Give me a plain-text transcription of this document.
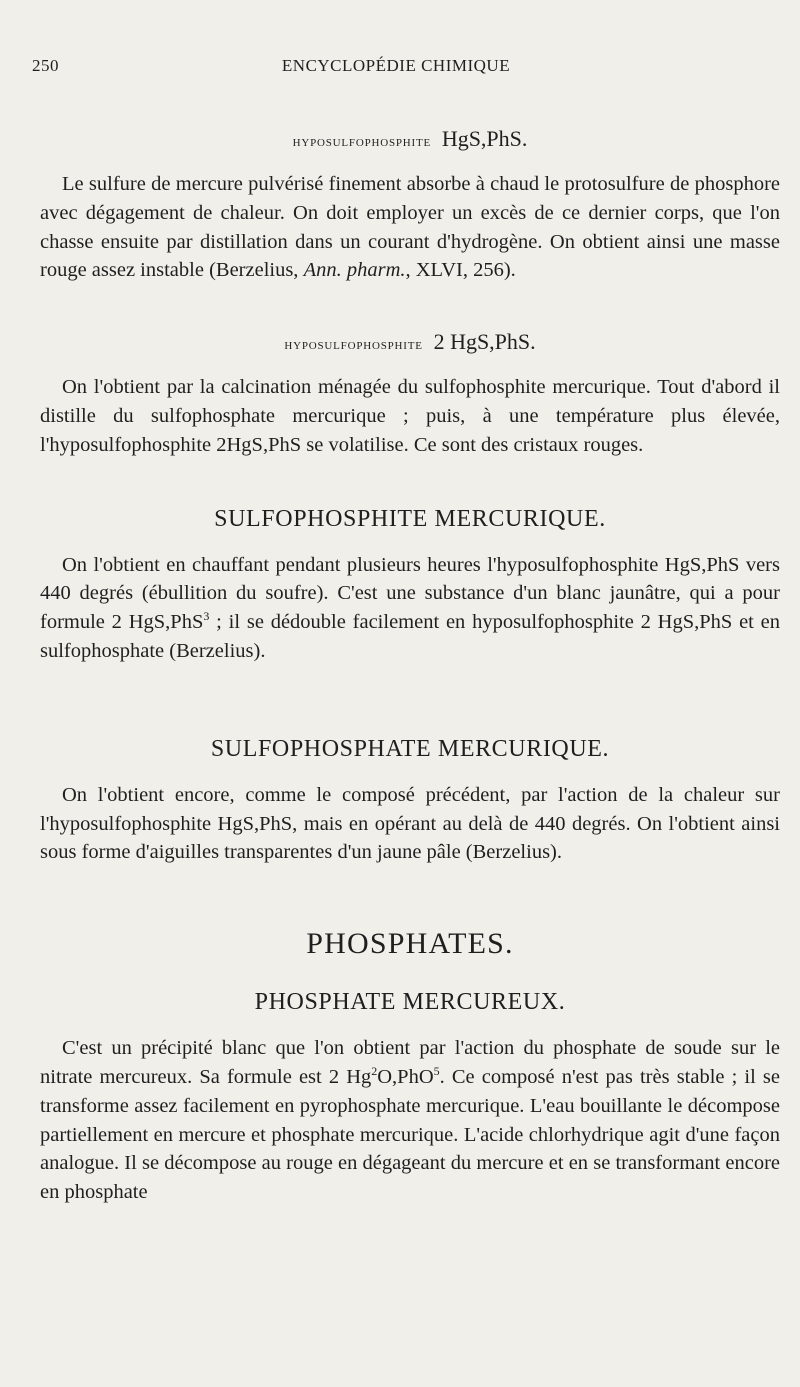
250	ENCYCLOPÉDIE CHIMIQUE
hyposulfophosphite HgS,PhS.

Le sulfure de mercure pulvérisé finement absorbe à chaud le protosulfure de phosphore avec dégagement de chaleur. On doit employer un excès de ce dernier corps, que l'on chasse ensuite par distillation dans un courant d'hydrogène. On obtient ainsi une masse rouge assez instable (Berzelius, Ann. pharm., XLVI, 256).

hyposulfophosphite 2 HgS,PhS.

On l'obtient par la calcination ménagée du sulfophosphite mercurique. Tout d'abord il distille du sulfophosphate mercurique ; puis, à une température plus élevée, l'hyposulfophosphite 2HgS,PhS se volatilise. Ce sont des cristaux rouges.

SULFOPHOSPHITE MERCURIQUE.

On l'obtient en chauffant pendant plusieurs heures l'hyposulfophosphite HgS,PhS vers 440 degrés (ébullition du soufre). C'est une substance d'un blanc jaunâtre, qui a pour formule 2 HgS,PhS$^3$ ; il se dédouble facilement en hyposulfophosphite 2 HgS,PhS et en sulfophosphate (Berzelius).

SULFOPHOSPHATE MERCURIQUE.

On l'obtient encore, comme le composé précédent, par l'action de la chaleur sur l'hyposulfophosphite HgS,PhS, mais en opérant au delà de 440 degrés. On l'obtient ainsi sous forme d'aiguilles transparentes d'un jaune pâle (Berzelius).

PHOSPHATES.
PHOSPHATE MERCUREUX.

C'est un précipité blanc que l'on obtient par l'action du phosphate de soude sur le nitrate mercureux. Sa formule est 2 Hg$^2$O,PhO$^5$. Ce composé n'est pas très stable ; il se transforme assez facilement en pyrophosphate mercurique. L'eau bouillante le décompose partiellement en mercure et phosphate mercurique. L'acide chlorhydrique agit d'une façon analogue. Il se décompose au rouge en dégageant du mercure et en se transformant encore en phosphate
